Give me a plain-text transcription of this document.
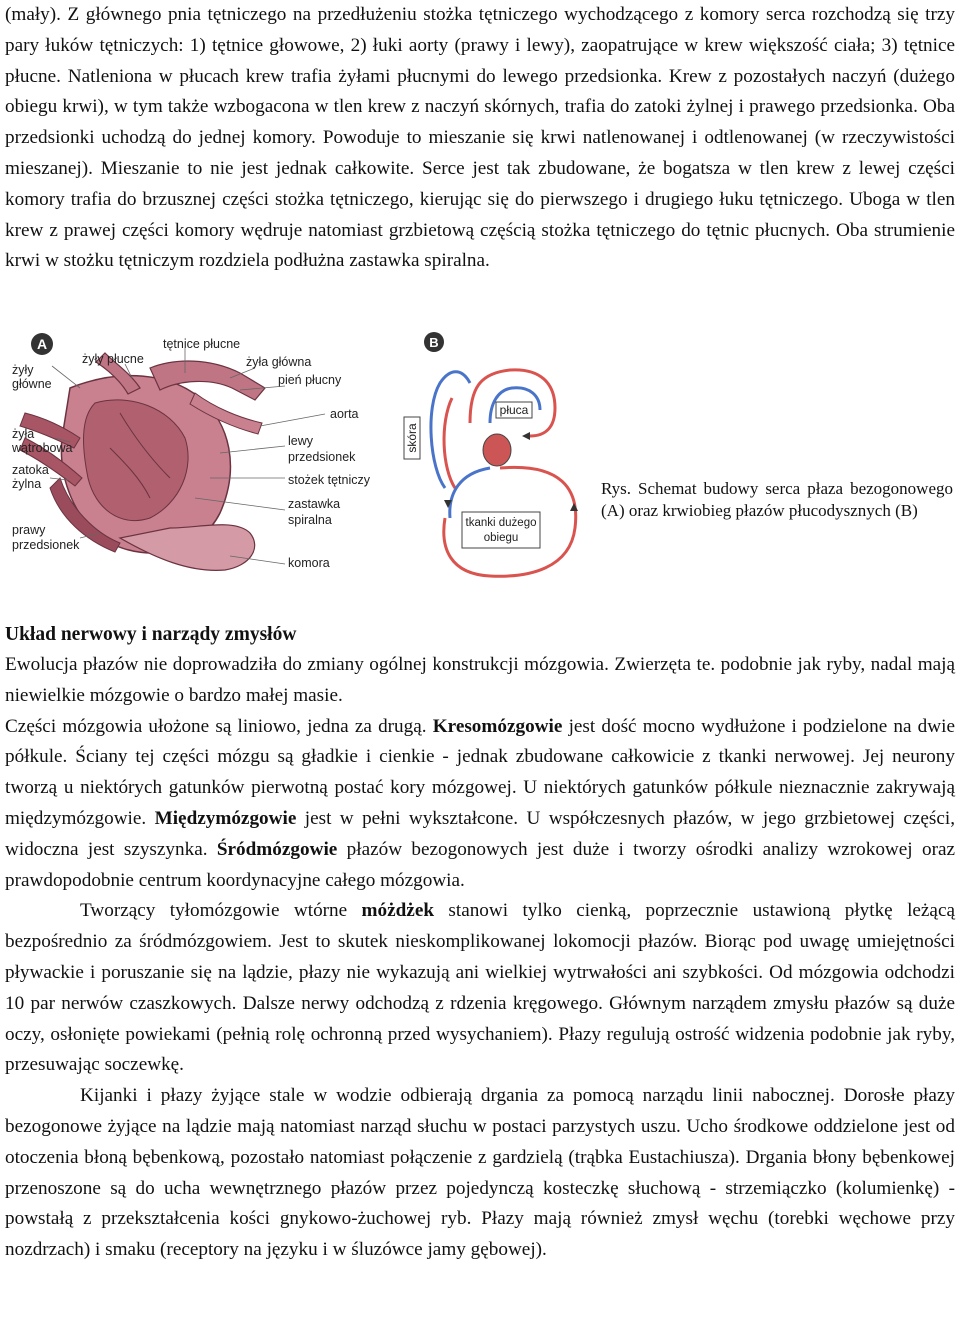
(mały). Z głównego pnia tętniczego na przedłużeniu stożka tętniczego wychodzącego z komory serca rozchodzą się trzy pary łuków tętniczych: 1) tętnice głowowe, 2) łuki aorty (prawy i lewy), zaopatrujące w krew większość ciała; 3) tętnice płucne. Natleniona w płucach krew trafia żyłami płucnymi do lewego przedsionka. Krew z pozostałych naczyń (dużego obiegu krwi), w tym także wzbogacona w tlen krew z naczyń skórnych, trafia do zatoki żylnej i prawego przedsionka. Oba przedsionki uchodzą do jednej komory. Powoduje to mieszanie się krwi natlenowanej i odtlenowanej (w rzeczywistości mieszanej). Mieszanie to nie jest jednak całkowite. Serce jest tak zbudowane, że bogatsza w tlen krew z lewej części komory trafia do brzusznej części stożka tętniczego, kierując się do pierwszego i drugiego łuku tętniczego. Uboga w tlen krew z prawej części komory wędruje natomiast grzbietową częścią stożka tętniczego do tętnic płucnych. Oba strumienie krwi w stożku tętniczym rozdziela podłużna zastawka spiralna.

A
żyły płucne
tętnice płucne
żyła główna
żyły
główne	pień płucny
aorta
żyła
wątrobowa	lewy
przedsionek
zatoka
żylna	stożek tętniczy
zastawka
spiralna
prawy
przedsionek
komora
B
płuca
skóra
tkanki dużego
obiegu
Rys. Schemat budowy serca płaza bezogonowego (A) oraz krwiobieg płazów płucodysznych (B)

Układ nerwowy i narządy zmysłów

Ewolucja płazów nie doprowadziła do zmiany ogólnej konstrukcji mózgowia. Zwierzęta te. podobnie jak ryby, nadal mają niewielkie mózgowie o bardzo małej masie.

Części mózgowia ułożone są liniowo, jedna za drugą. Kresomózgowie jest dość mocno wydłużone i podzielone na dwie półkule. Ściany tej części mózgu są gładkie i cienkie - jednak zbudowane całkowicie z tkanki nerwowej. Jej neurony tworzą u niektórych gatunków pierwotną postać kory mózgowej. U niektórych gatunków półkule nieznacznie zakrywają międzymózgowie. Międzymózgowie jest w pełni wykształcone. U współczesnych płazów, w jego grzbietowej części, widoczna jest szyszynka. Śródmózgowie płazów bezogonowych jest duże i tworzy ośrodki analizy wzrokowej oraz prawdopodobnie centrum koordynacyjne całego mózgowia.

Tworzący tyłomózgowie wtórne móżdżek stanowi tylko cienką, poprzecznie ustawioną płytkę leżącą bezpośrednio za śródmózgowiem. Jest to skutek nieskomplikowanej lokomocji płazów. Biorąc pod uwagę umiejętności pływackie i poruszanie się na lądzie, płazy nie wykazują ani wielkiej wytrwałości ani szybkości. Od mózgowia odchodzi 10 par nerwów czaszkowych. Dalsze nerwy odchodzą z rdzenia kręgowego. Głównym narządem zmysłu płazów są duże oczy, osłonięte powiekami (pełnią rolę ochronną przed wysychaniem). Płazy regulują ostrość widzenia podobnie jak ryby, przesuwając soczewkę.

Kijanki i płazy żyjące stale w wodzie odbierają drgania za pomocą narządu linii nabocznej. Dorosłe płazy bezogonowe żyjące na lądzie mają natomiast narząd słuchu w postaci parzystych uszu. Ucho środkowe oddzielone jest od otoczenia błoną bębenkową, pozostało natomiast połączenie z gardzielą (trąbka Eustachiusza). Drgania błony bębenkowej przenoszone są do ucha wewnętrznego płazów przez pojedynczą kosteczkę słuchową - strzemiączko (kolumienkę) - powstałą z przekształcenia kości gnykowo-żuchowej ryb. Płazy mają również zmysł węchu (torebki węchowe przy nozdrzach) i smaku (receptory na języku i w śluzówce jamy gębowej).
